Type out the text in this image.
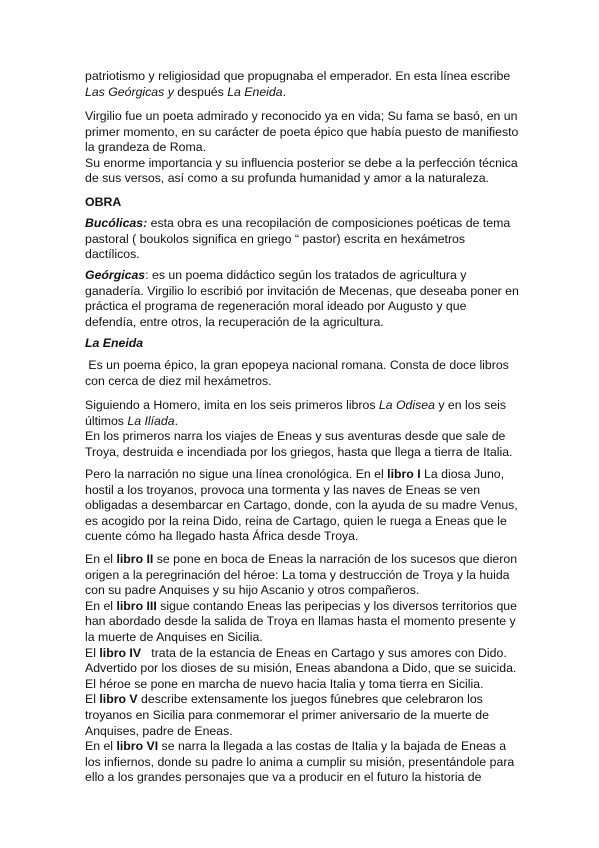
patriotismo y religiosidad que propugnaba el emperador. En esta línea escribe
Las Geórgicas y después La Eneida.
Virgilio fue un poeta admirado y reconocido ya en vida; Su fama se basó, en un
primer momento, en su carácter de poeta épico que había puesto de manifiesto
la grandeza de Roma.
Su enorme importancia y su influencia posterior se debe a la perfección técnica
de sus versos, así como a su profunda humanidad y amor a la naturaleza.
OBRA
Bucólicas: esta obra es una recopilación de composiciones poéticas de tema
pastoral ( boukolos significa en griego “ pastor) escrita en hexámetros
dactílicos.
Geórgicas: es un poema didáctico según los tratados de agricultura y
ganadería. Virgilio lo escribió por invitación de Mecenas, que deseaba poner en
práctica el programa de regeneración moral ideado por Augusto y que
defendía, entre otros, la recuperación de la agricultura.
La Eneida
Es un poema épico, la gran epopeya nacional romana. Consta de doce libros
con cerca de diez mil hexámetros.
Siguiendo a Homero, imita en los seis primeros libros La Odisea y en los seis
últimos La Ilíada.
En los primeros narra los viajes de Eneas y sus aventuras desde que sale de
Troya, destruida e incendiada por los griegos, hasta que llega a tierra de Italia.
Pero la narración no sigue una línea cronológica. En el libro I La diosa Juno,
hostil a los troyanos, provoca una tormenta y las naves de Eneas se ven
obligadas a desembarcar en Cartago, donde, con la ayuda de su madre Venus,
es acogido por la reina Dido, reina de Cartago, quien le ruega a Eneas que le
cuente cómo ha llegado hasta África desde Troya.
En el libro II se pone en boca de Eneas la narración de los sucesos que dieron
origen a la peregrinación del héroe: La toma y destrucción de Troya y la huida
con su padre Anquises y su hijo Ascanio y otros compañeros.
En el libro III sigue contando Eneas las peripecias y los diversos territorios que
han abordado desde la salida de Troya en llamas hasta el momento presente y
la muerte de Anquises en Sicilia.
El libro IV   trata de la estancia de Eneas en Cartago y sus amores con Dido.
Advertido por los dioses de su misión, Eneas abandona a Dido, que se suicida.
El héroe se pone en marcha de nuevo hacia Italia y toma tierra en Sicilia.
El libro V describe extensamente los juegos fúnebres que celebraron los
troyanos en Sicilia para conmemorar el primer aniversario de la muerte de
Anquises, padre de Eneas.
En el libro VI se narra la llegada a las costas de Italia y la bajada de Eneas a
los infiernos, donde su padre lo anima a cumplir su misión, presentándole para
ello a los grandes personajes que va a producir en el futuro la historia de
